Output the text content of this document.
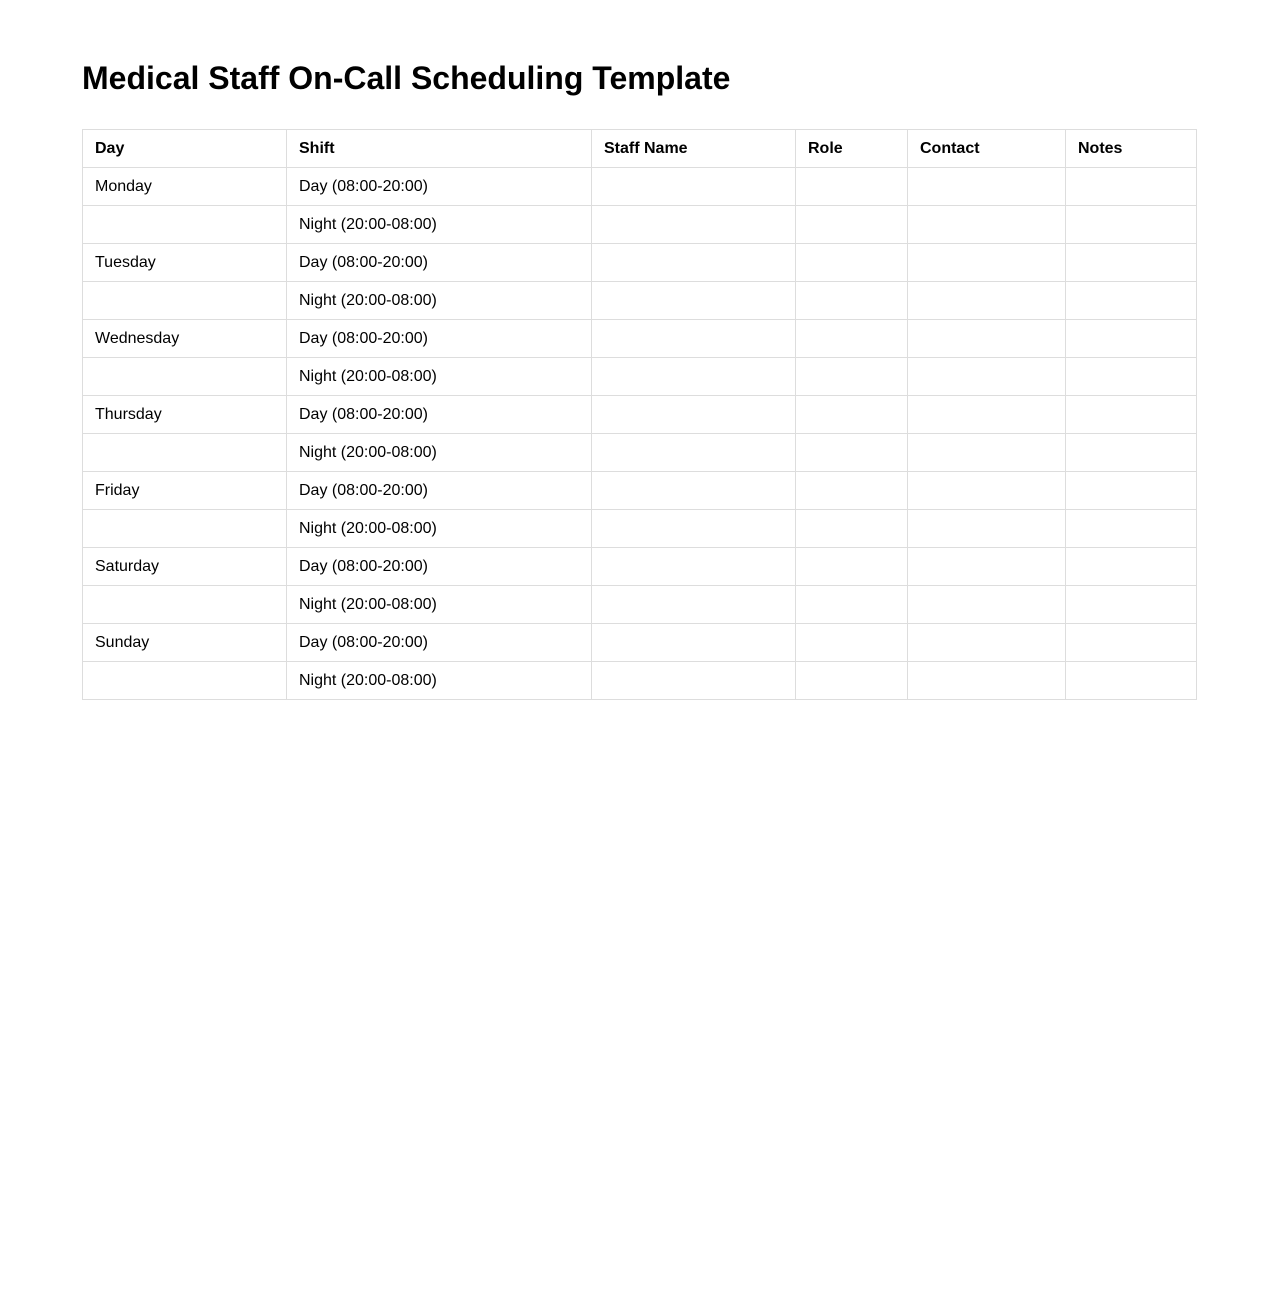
Medical Staff On-Call Scheduling Template
Day	Shift	Staff Name	Role	Contact	Notes
Monday	Day (08:00-20:00)				
	Night (20:00-08:00)				
Tuesday	Day (08:00-20:00)				
	Night (20:00-08:00)				
Wednesday	Day (08:00-20:00)				
	Night (20:00-08:00)				
Thursday	Day (08:00-20:00)				
	Night (20:00-08:00)				
Friday	Day (08:00-20:00)				
	Night (20:00-08:00)				
Saturday	Day (08:00-20:00)				
	Night (20:00-08:00)				
Sunday	Day (08:00-20:00)				
	Night (20:00-08:00)				
